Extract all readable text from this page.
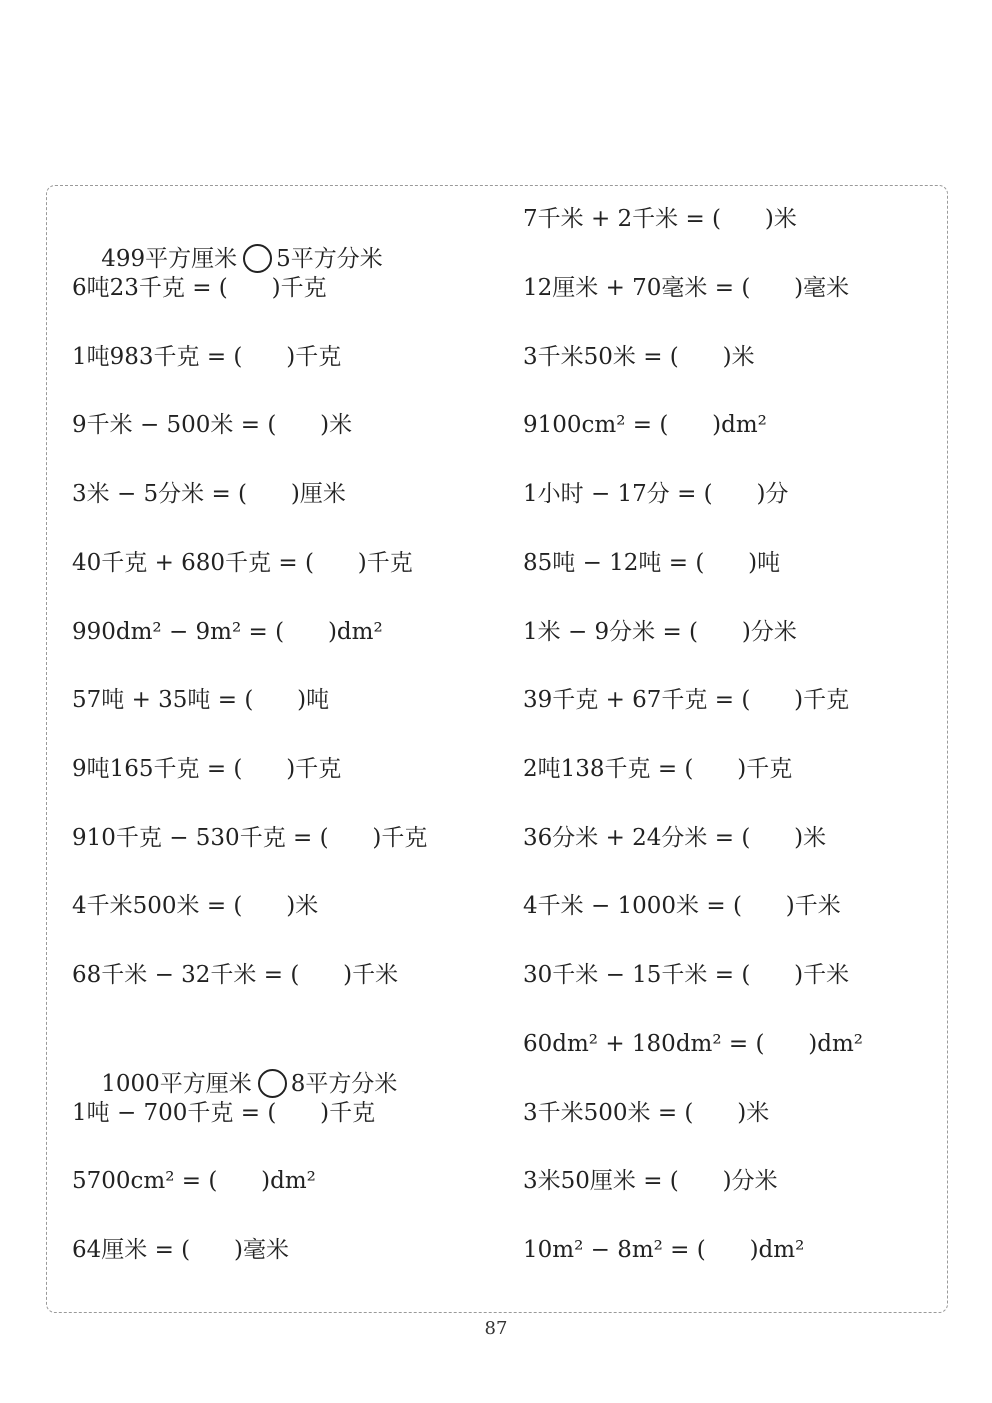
499平方厘米 5平方分米

6吨23千克 = (      )千克
1吨983千克 = (      )千克
9千米 − 500米 = (      )米
3米 − 5分米 = (      )厘米
40千克 + 680千克 = (      )千克
990dm² − 9m² = (      )dm²
57吨 + 35吨 = (      )吨
9吨165千克 = (      )千克
910千克 − 530千克 = (      )千克
4千米500米 = (      )米
68千米 − 32千米 = (      )千米

1000平方厘米 8平方分米

1吨 − 700千克 = (      )千克
5700cm² = (      )dm²
64厘米 = (      )毫米
7千米 + 2千米 = (      )米
12厘米 + 70毫米 = (      )毫米
3千米50米 = (      )米
9100cm² = (      )dm²
1小时 − 17分 = (      )分
85吨 − 12吨 = (      )吨
1米 − 9分米 = (      )分米
39千克 + 67千克 = (      )千克
2吨138千克 = (      )千克
36分米 + 24分米 = (      )米
4千米 − 1000米 = (      )千米
30千米 − 15千米 = (      )千米
60dm² + 180dm² = (      )dm²
3千米500米 = (      )米
3米50厘米 = (      )分米
10m² − 8m² = (      )dm²
87
